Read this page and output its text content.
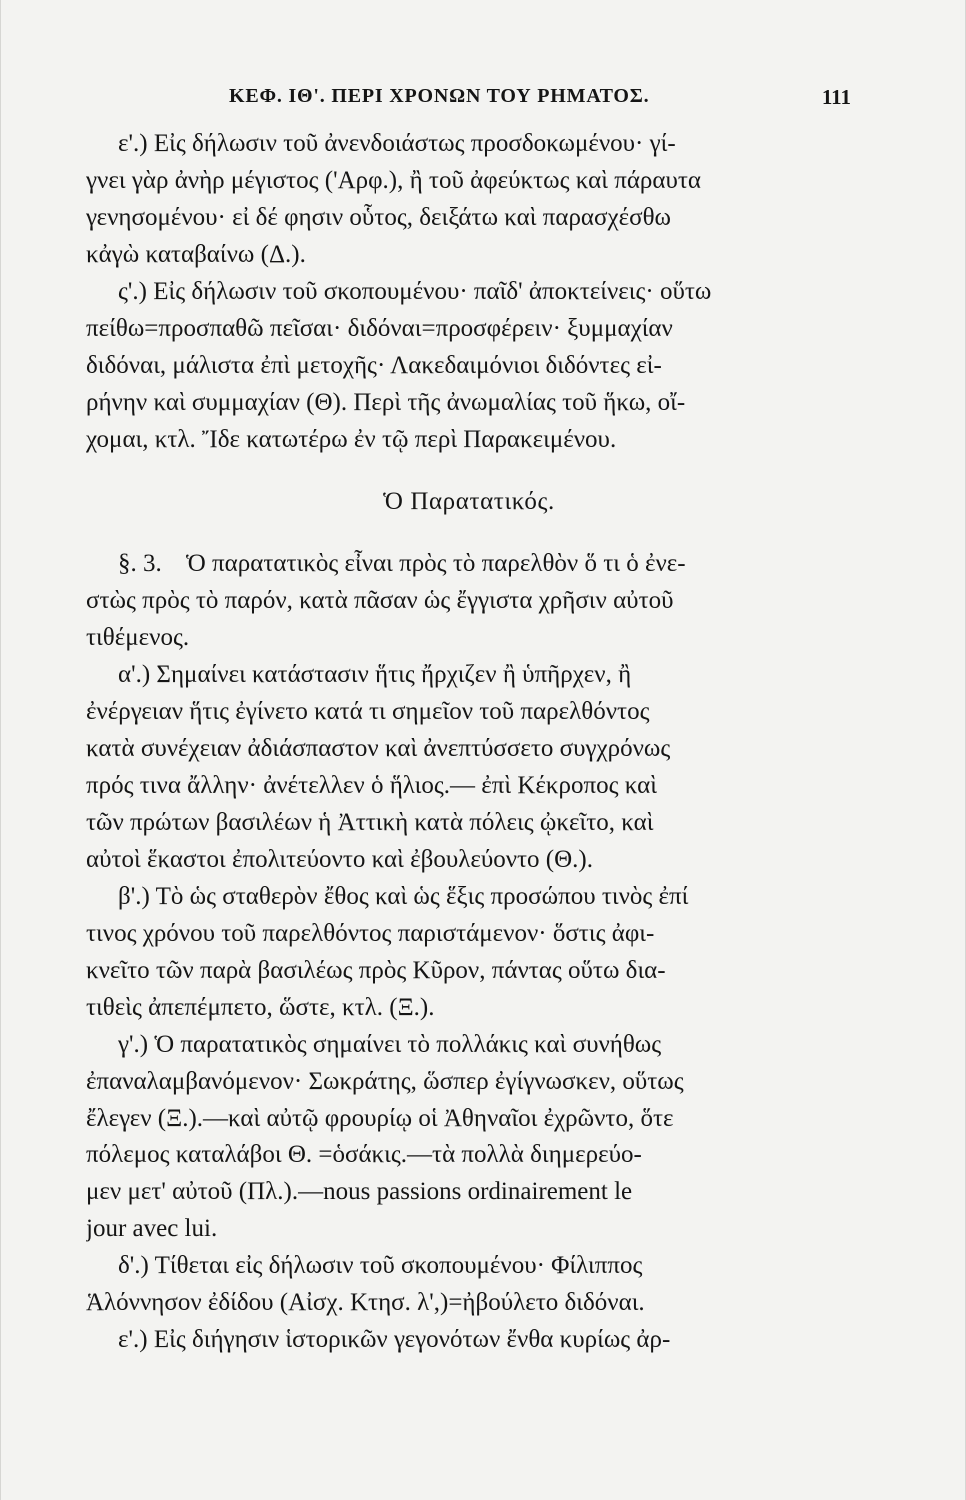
ΚΕΦ. ΙΘ'. ΠΕΡΙ ΧΡΟΝΩΝ ΤΟΥ ΡΗΜΑΤΟΣ.	111
ε'.) Εἰς δήλωσιν τοῦ ἀνενδοιάστως προσδοκωμένου· γί-
γνει γὰρ ἀνὴρ μέγιστος ('Αρφ.), ἢ τοῦ ἀφεύκτως καὶ πάραυτα
γενησομένου· εἰ δέ φησιν οὗτος, δειξάτω καὶ παρασχέσθω
κἀγὼ καταβαίνω (Δ.).
ς'.) Εἰς δήλωσιν τοῦ σκοπουμένου· παῖδ' ἀποκτείνεις· οὕτω
πείθω=προσπαθῶ πεῖσαι· διδόναι=προσφέρειν· ξυμμαχίαν
διδόναι, μάλιστα ἐπὶ μετοχῆς· Λακεδαιμόνιοι διδόντες εἰ-
ρήνην καὶ συμμαχίαν (Θ). Περὶ τῆς ἀνωμαλίας τοῦ ἥκω, οἴ-
χομαι, κτλ. Ἴδε κατωτέρω ἐν τῷ περὶ Παρακειμένου.
Ὁ Παρατατικός.
§. 3. Ὁ παρατατικὸς εἶναι πρὸς τὸ παρελθὸν ὅ τι ὁ ἐνε-
στὼς πρὸς τὸ παρόν, κατὰ πᾶσαν ὡς ἔγγιστα χρῆσιν αὐτοῦ
τιθέμενος.
α'.) Σημαίνει κατάστασιν ἥτις ἤρχιζεν ἢ ὑπῆρχεν, ἢ
ἐνέργειαν ἥτις ἐγίνετο κατά τι σημεῖον τοῦ παρελθόντος
κατὰ συνέχειαν ἀδιάσπαστον καὶ ἀνεπτύσσετο συγχρόνως
πρός τινα ἄλλην· ἀνέτελλεν ὁ ἥλιος.— ἐπὶ Κέκροπος καὶ
τῶν πρώτων βασιλέων ἡ Ἀττικὴ κατὰ πόλεις ᾠκεῖτο, καὶ
αὐτοὶ ἕκαστοι ἐπολιτεύοντο καὶ ἐβουλεύοντο (Θ.).
β'.) Τὸ ὡς σταθερὸν ἔθος καὶ ὡς ἕξις προσώπου τινὸς ἐπί
τινος χρόνου τοῦ παρελθόντος παριστάμενον· ὅστις ἀφι-
κνεῖτο τῶν παρὰ βασιλέως πρὸς Κῦρον, πάντας οὕτω δια-
τιθεὶς ἀπεπέμπετο, ὥστε, κτλ. (Ξ.).
γ'.) Ὁ παρατατικὸς σημαίνει τὸ πολλάκις καὶ συνήθως
ἐπαναλαμβανόμενον· Σωκράτης, ὥσπερ ἐγίγνωσκεν, οὕτως
ἔλεγεν (Ξ.).—καὶ αὐτῷ φρουρίῳ οἱ Ἀθηναῖοι ἐχρῶντο, ὅτε
πόλεμος καταλάβοι Θ. =ὁσάκις.—τὰ πολλὰ διημερεύο-
μεν μετ' αὐτοῦ (Πλ.).—nous passions ordinairement le
jour avec lui.
δ'.) Τίθεται εἰς δήλωσιν τοῦ σκοπουμένου· Φίλιππος
Ἁλόννησον ἐδίδου (Αἰσχ. Κτησ. λ',)=ἠβούλετο διδόναι.
ε'.) Εἰς διήγησιν ἱστορικῶν γεγονότων ἔνθα κυρίως ἀρ-
